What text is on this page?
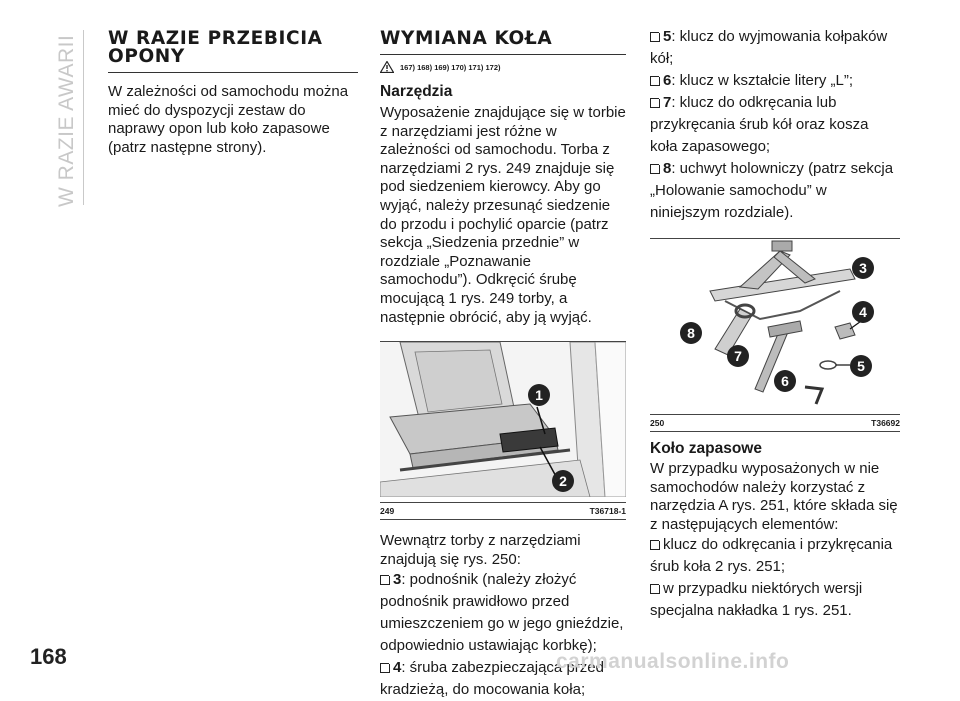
W RAZIE AWARII W RAZIE PRZEBICIA OPONY

W zależności od samochodu można mieć do dyspozycji zestaw do naprawy opon lub koło zapasowe (patrz następne strony).

WYMIANA KOŁA
167) 168) 169) 170) 171) 172)
Narzędzia

Wyposażenie znajdujące się w torbie z narzędziami jest różne w zależności od samochodu. Torba z narzędziami 2 rys. 249 znajduje się pod siedzeniem kierowcy. Aby go wyjąć, należy przesunąć siedzenie do przodu i pochylić oparcie (patrz sekcja „Siedzenia przednie” w rozdziale „Poznawanie samochodu”). Odkręcić śrubę mocującą 1 rys. 249 torby, a następnie obrócić, aby ją wyjąć.

1
2
249	T36718-1

Wewnątrz torby z narzędziami znajdują się rys. 250:

3: podnośnik (należy złożyć podnośnik prawidłowo przed umieszczeniem go w jego gnieździe, odpowiednio ustawiając korbkę);
4: śruba zabezpieczająca przed kradzieżą, do mocowania koła;
5: klucz do wyjmowania kołpaków kół;
6: klucz w kształcie litery „L”;
7: klucz do odkręcania lub przykręcania śrub kół oraz kosza koła zapasowego;
8: uchwyt holowniczy (patrz sekcja „Holowanie samochodu” w niniejszym rozdziale).
3
4
5
6
7
8
250	T36692
Koło zapasowe

W przypadku wyposażonych w nie samochodów należy korzystać z narzędzia A rys. 251, które składa się z następujących elementów:

klucz do odkręcania i przykręcania śrub koła 2 rys. 251;
w przypadku niektórych wersji specjalna nakładka 1 rys. 251.
168	carmanualsonline.info
